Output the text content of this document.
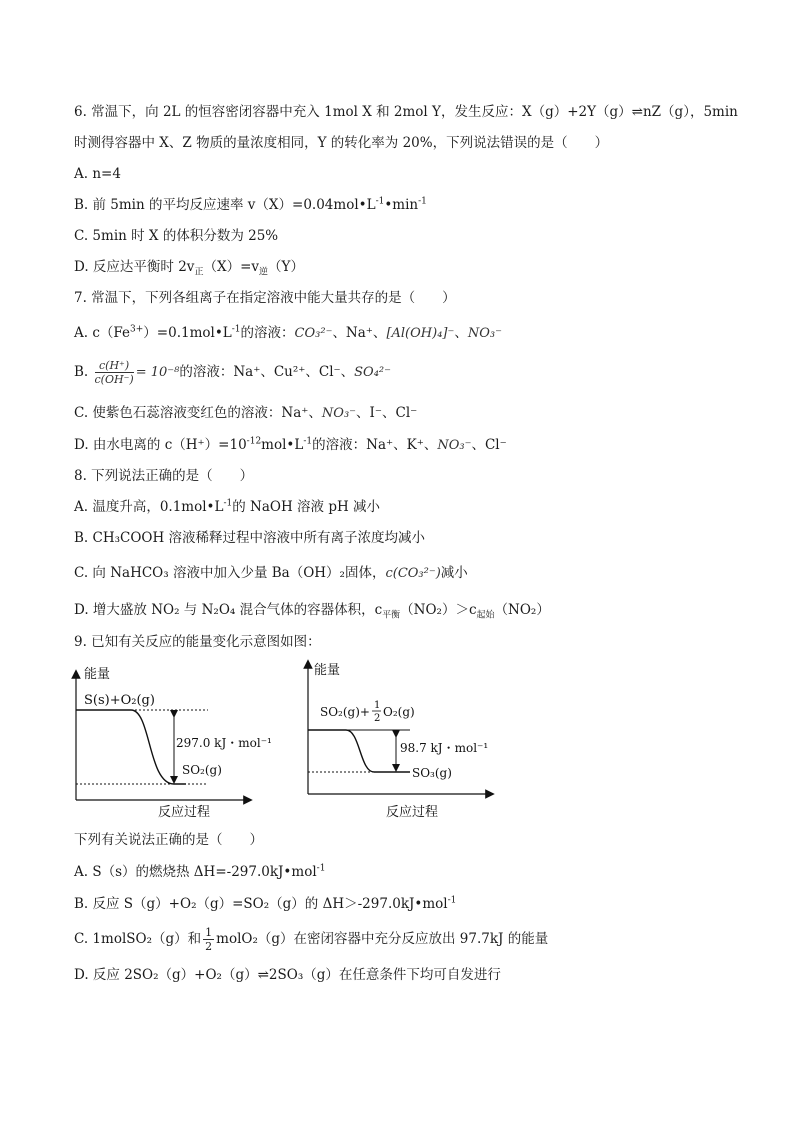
6. 常温下，向 2L 的恒容密闭容器中充入 1mol X 和 2mol Y，发生反应：X（g）+2Y（g）⇌nZ（g），5min
时测得容器中 X、Z 物质的量浓度相同，Y 的转化率为 20%，下列说法错误的是（　　）
A. n=4
B. 前 5min 的平均反应速率 $v(X)=0.04mol•L^{-1}•\min^{-1}$
C. 5min 时 X 的体积分数为 25%
D. 反应达平衡时 $2v_正(X)=v_逆(Y)$
7. 常温下，下列各组离子在指定溶液中能大量共存的是（　　）
A. $c(Fe^{3+})=0.1mol•L^{-1}$的溶液：CO₃²⁻、Na⁺、[Al(OH)₄]⁻、NO₃⁻
B. $\frac{c(H^+)}{c(OH^-)} = 10^{-8}$的溶液：Na⁺、Cu²⁺、Cl⁻、SO₄²⁻
C. 使紫色石蕊溶液变红色的溶液：Na⁺、NO₃⁻、I⁻、Cl⁻
D. 由水电离的 $c(H^+)=10^{-12}mol•L^{-1}$的溶液：Na⁺、K⁺、NO₃⁻、Cl⁻
8. 下列说法正确的是（　　）
A. 温度升高，$0.1mol•L^{-1}$的 NaOH 溶液 pH 减小
B. CH₃COOH 溶液稀释过程中溶液中所有离子浓度均减小
C. 向 NaHCO₃ 溶液中加入少量 Ba（OH）₂固体，c(CO₃²⁻)减小
D. 增大盛放 NO₂ 与 N₂O₄ 混合气体的容器体积，$c_{平衡}(NO_2)>c_{起始}(NO_2)$
9. 已知有关反应的能量变化示意图如图：
能量
S(s)+O₂(g)
297.0 kJ・mol⁻¹
SO₂(g)
反应过程
能量
SO₂(g)+ 1
2 O₂(g)
98.7 kJ・mol⁻¹
SO₃(g)
反应过程
下列有关说法正确的是（　　）
A. S（s）的燃烧热 ΔH=-297.0kJ•mol$^{-1}$
B. 反应 S（g）+O₂（g）=SO₂（g）的 ΔH＞-297.0kJ•mol$^{-1}$
C. 1molSO₂（g）和 $\frac{1}{2}$ molO₂（g）在密闭容器中充分反应放出 97.7kJ 的能量
D. 反应 2SO₂（g）+O₂（g）⇌2SO₃（g）在任意条件下均可自发进行
